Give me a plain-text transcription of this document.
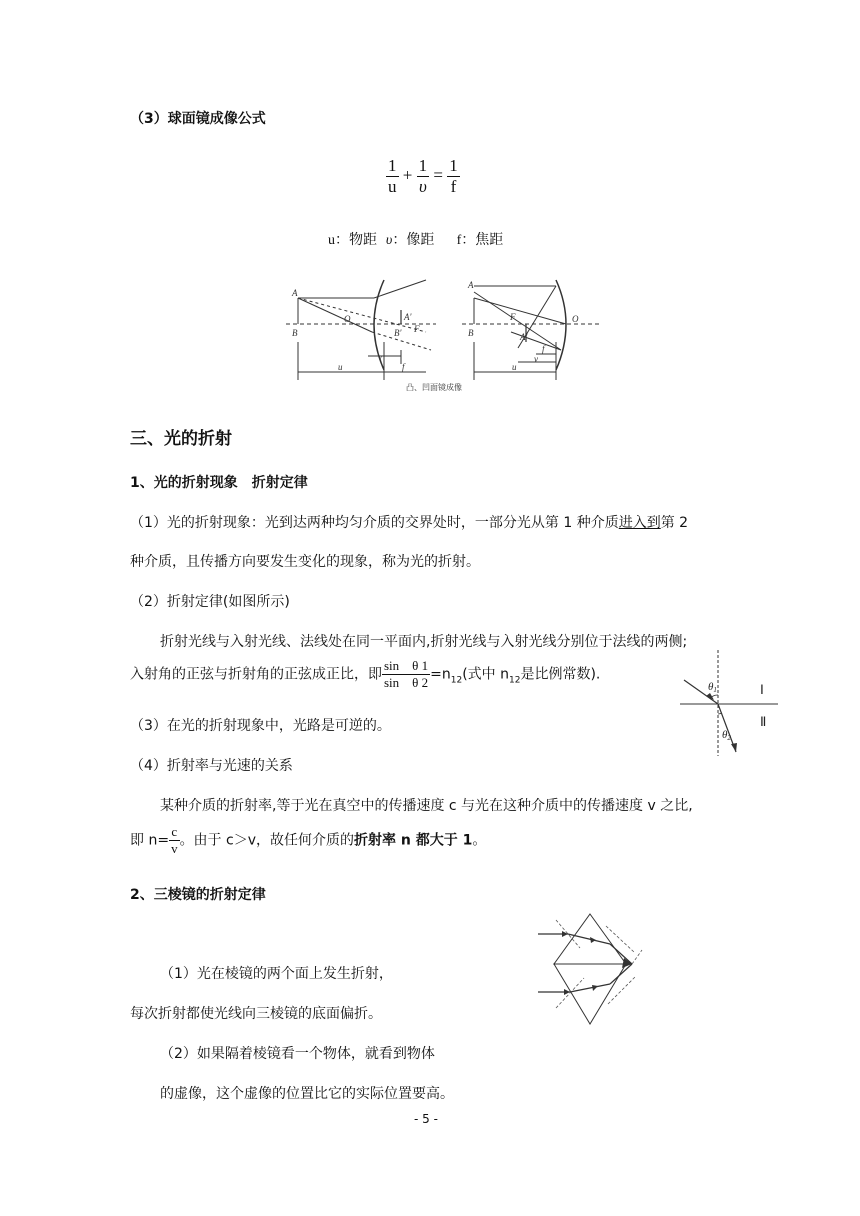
（3）球面镜成像公式
$\frac{1}{u} + \frac{1}{\upsilon} = \frac{1}{f}$
u：物距 υ：像距 f：焦距
A
B
O	A'
B' F
u
v
f
A
B
F	O
A'
u
v
f
凸、凹面镜成像
三、光的折射
1、光的折射现象　折射定律
（1）光的折射现象：光到达两种均匀介质的交界处时，一部分光从第 1 种介质进入到第 2
种介质，且传播方向要发生变化的现象，称为光的折射。
（2）折射定律(如图所示)
折射光线与入射光线、法线处在同一平面内,折射光线与入射光线分别位于法线的两侧;
入射角的正弦与折射角的正弦成正比，即 $\frac{\text{sin　θ 1}}{\text{sin　θ 2}} =n_{12}$(式中 $n_{12}$是比例常数).
θ1
θ2
Ⅰ
Ⅱ
（3）在光的折射现象中，光路是可逆的。
（4）折射率与光速的关系
某种介质的折射率,等于光在真空中的传播速度 c 与光在这种介质中的传播速度 v 之比,
即 $n= \frac{c}{v}$ 。由于 c＞v，故任何介质的折射率 n 都大于 1。
2、三棱镜的折射定律
（1）光在棱镜的两个面上发生折射，
每次折射都使光线向三棱镜的底面偏折。
（2）如果隔着棱镜看一个物体，就看到物体
的虚像，这个虚像的位置比它的实际位置要高。
- 5 -
